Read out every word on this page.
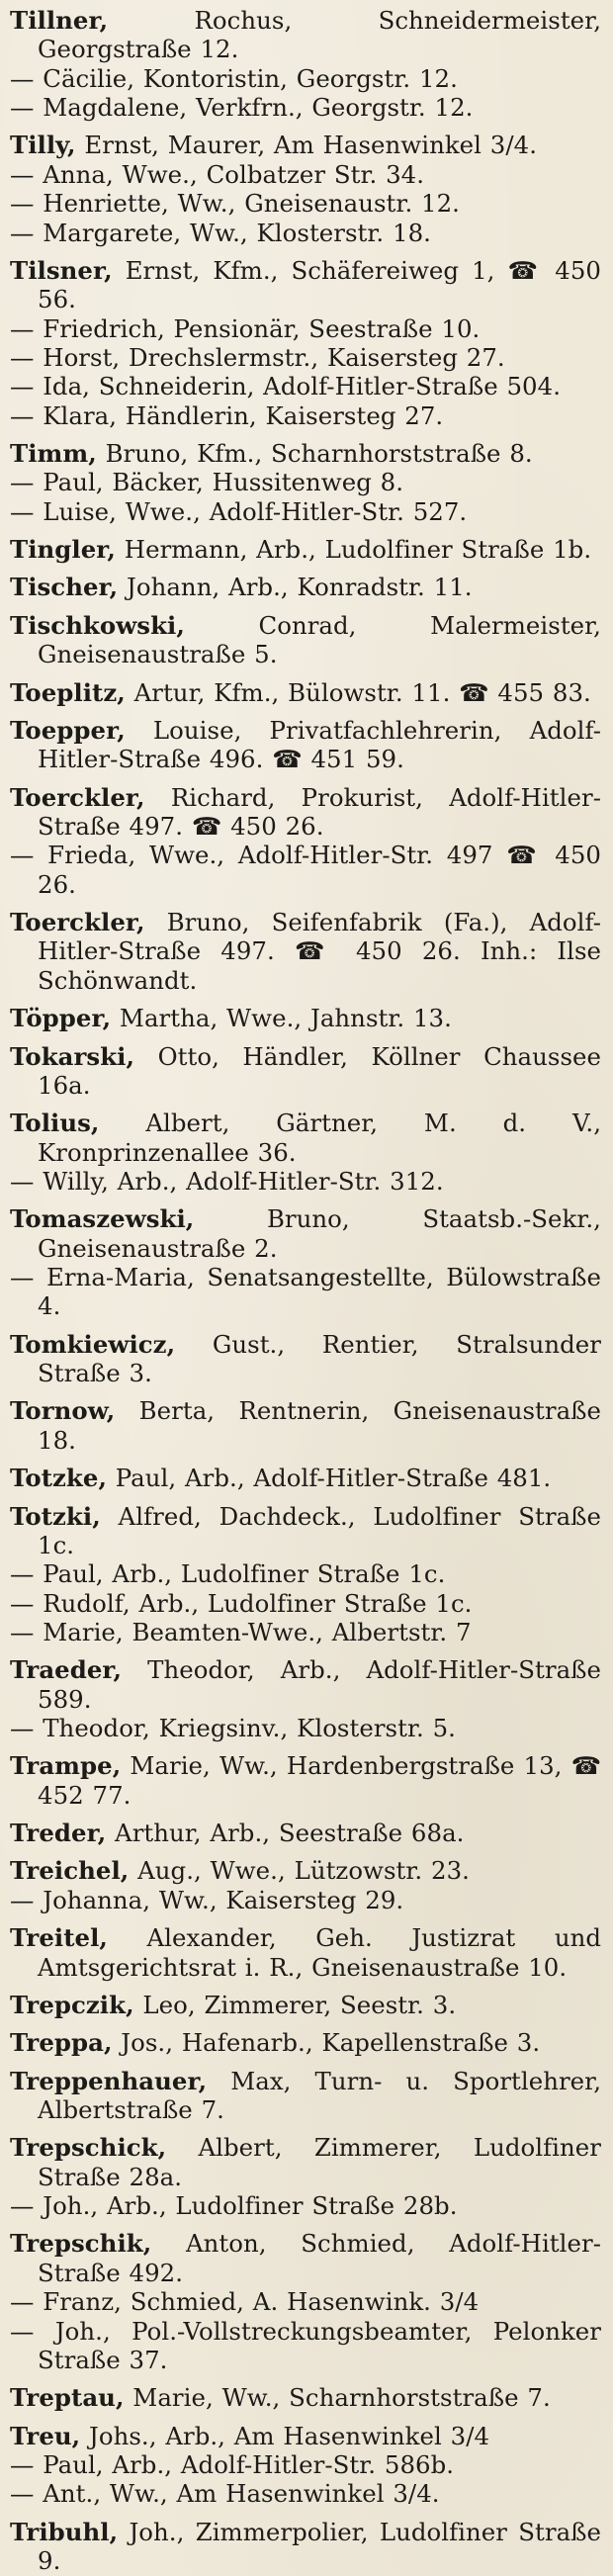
Tillner, Rochus, Schneidermeister, Georgstraße 12.
— Cäcilie, Kontoristin, Georgstr. 12.
— Magdalene, Verkfrn., Georgstr. 12.
Tilly, Ernst, Maurer, Am Hasenwinkel 3/4.
— Anna, Wwe., Colbatzer Str. 34.
— Henriette, Ww., Gneisenaustr. 12.
— Margarete, Ww., Klosterstr. 18.
Tilsner, Ernst, Kfm., Schäfereiweg 1, ☎ 450 56.
— Friedrich, Pensionär, Seestraße 10.
— Horst, Drechslermstr., Kaisersteg 27.
— Ida, Schneiderin, Adolf-Hitler-Straße 504.
— Klara, Händlerin, Kaisersteg 27.
Timm, Bruno, Kfm., Scharnhorststraße 8.
— Paul, Bäcker, Hussitenweg 8.
— Luise, Wwe., Adolf-Hitler-Str. 527.
Tingler, Hermann, Arb., Ludolfiner Straße 1b.
Tischer, Johann, Arb., Konradstr. 11.
Tischkowski, Conrad, Malermeister, Gneisenaustraße 5.
Toeplitz, Artur, Kfm., Bülowstr. 11. ☎ 455 83.
Toepper, Louise, Privatfachlehrerin, Adolf-Hitler-Straße 496. ☎ 451 59.
Toerckler, Richard, Prokurist, Adolf-Hitler-Straße 497. ☎ 450 26.
— Frieda, Wwe., Adolf-Hitler-Str. 497 ☎ 450 26.
Toerckler, Bruno, Seifenfabrik (Fa.), Adolf-Hitler-Straße 497. ☎ 450 26. Inh.: Ilse Schönwandt.
Töpper, Martha, Wwe., Jahnstr. 13.
Tokarski, Otto, Händler, Köllner Chaussee 16a.
Tolius, Albert, Gärtner, M. d. V., Kronprinzenallee 36.
— Willy, Arb., Adolf-Hitler-Str. 312.
Tomaszewski, Bruno, Staatsb.-Sekr., Gneisenaustraße 2.
— Erna-Maria, Senatsangestellte, Bülowstraße 4.
Tomkiewicz, Gust., Rentier, Stralsunder Straße 3.
Tornow, Berta, Rentnerin, Gneisenaustraße 18.
Totzke, Paul, Arb., Adolf-Hitler-Straße 481.
Totzki, Alfred, Dachdeck., Ludolfiner Straße 1c.
— Paul, Arb., Ludolfiner Straße 1c.
— Rudolf, Arb., Ludolfiner Straße 1c.
— Marie, Beamten-Wwe., Albertstr. 7
Traeder, Theodor, Arb., Adolf-Hitler-Straße 589.
— Theodor, Kriegsinv., Klosterstr. 5.
Trampe, Marie, Ww., Hardenbergstraße 13, ☎ 452 77.
Treder, Arthur, Arb., Seestraße 68a.
Treichel, Aug., Wwe., Lützowstr. 23.
— Johanna, Ww., Kaisersteg 29.
Treitel, Alexander, Geh. Justizrat und Amtsgerichtsrat i. R., Gneisenaustraße 10.
Trepczik, Leo, Zimmerer, Seestr. 3.
Treppa, Jos., Hafenarb., Kapellenstraße 3.
Treppenhauer, Max, Turn- u. Sportlehrer, Albertstraße 7.
Trepschick, Albert, Zimmerer, Ludolfiner Straße 28a.
— Joh., Arb., Ludolfiner Straße 28b.
Trepschik, Anton, Schmied, Adolf-Hitler-Straße 492.
— Franz, Schmied, A. Hasenwink. 3/4
— Joh., Pol.-Vollstreckungsbeamter, Pelonker Straße 37.
Treptau, Marie, Ww., Scharnhorststraße 7.
Treu, Johs., Arb., Am Hasenwinkel 3/4
— Paul, Arb., Adolf-Hitler-Str. 586b.
— Ant., Ww., Am Hasenwinkel 3/4.
Tribuhl, Joh., Zimmerpolier, Ludolfiner Straße 9.
